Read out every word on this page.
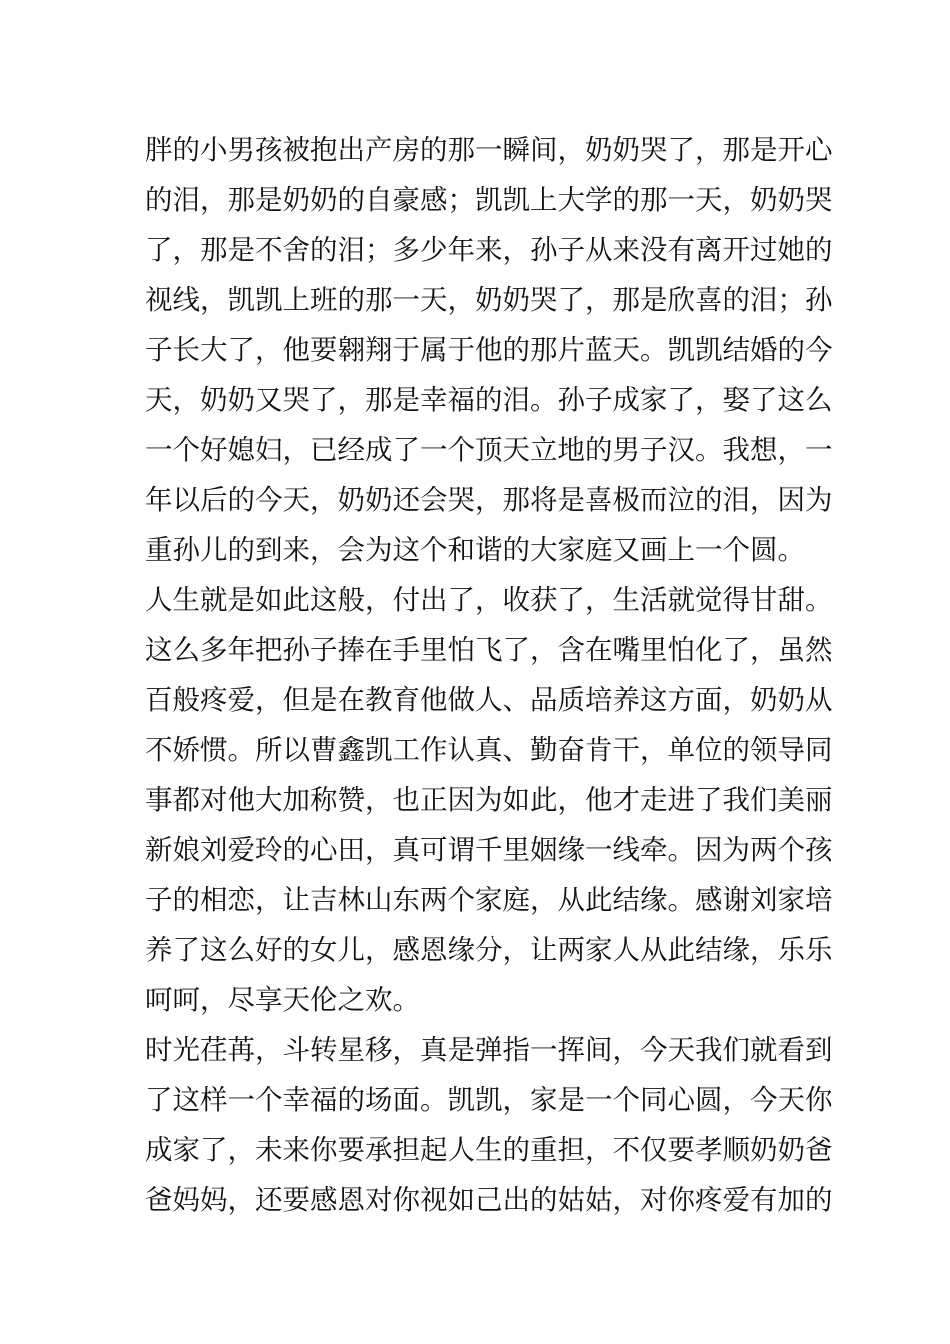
胖的小男孩被抱出产房的那一瞬间，奶奶哭了，那是开心
的泪，那是奶奶的自豪感；凯凯上大学的那一天，奶奶哭
了，那是不舍的泪；多少年来，孙子从来没有离开过她的
视线，凯凯上班的那一天，奶奶哭了，那是欣喜的泪；孙
子长大了，他要翱翔于属于他的那片蓝天。凯凯结婚的今
天，奶奶又哭了，那是幸福的泪。孙子成家了，娶了这么
一个好媳妇，已经成了一个顶天立地的男子汉。我想，一
年以后的今天，奶奶还会哭，那将是喜极而泣的泪，因为
重孙儿的到来，会为这个和谐的大家庭又画上一个圆。
人生就是如此这般，付出了，收获了，生活就觉得甘甜。
这么多年把孙子捧在手里怕飞了，含在嘴里怕化了，虽然
百般疼爱，但是在教育他做人、品质培养这方面，奶奶从
不娇惯。所以曹鑫凯工作认真、勤奋肯干，单位的领导同
事都对他大加称赞，也正因为如此，他才走进了我们美丽
新娘刘爱玲的心田，真可谓千里姻缘一线牵。因为两个孩
子的相恋，让吉林山东两个家庭，从此结缘。感谢刘家培
养了这么好的女儿，感恩缘分，让两家人从此结缘，乐乐
呵呵，尽享天伦之欢。
时光荏苒，斗转星移，真是弹指一挥间，今天我们就看到
了这样一个幸福的场面。凯凯，家是一个同心圆，今天你
成家了，未来你要承担起人生的重担，不仅要孝顺奶奶爸
爸妈妈，还要感恩对你视如己出的姑姑，对你疼爱有加的
